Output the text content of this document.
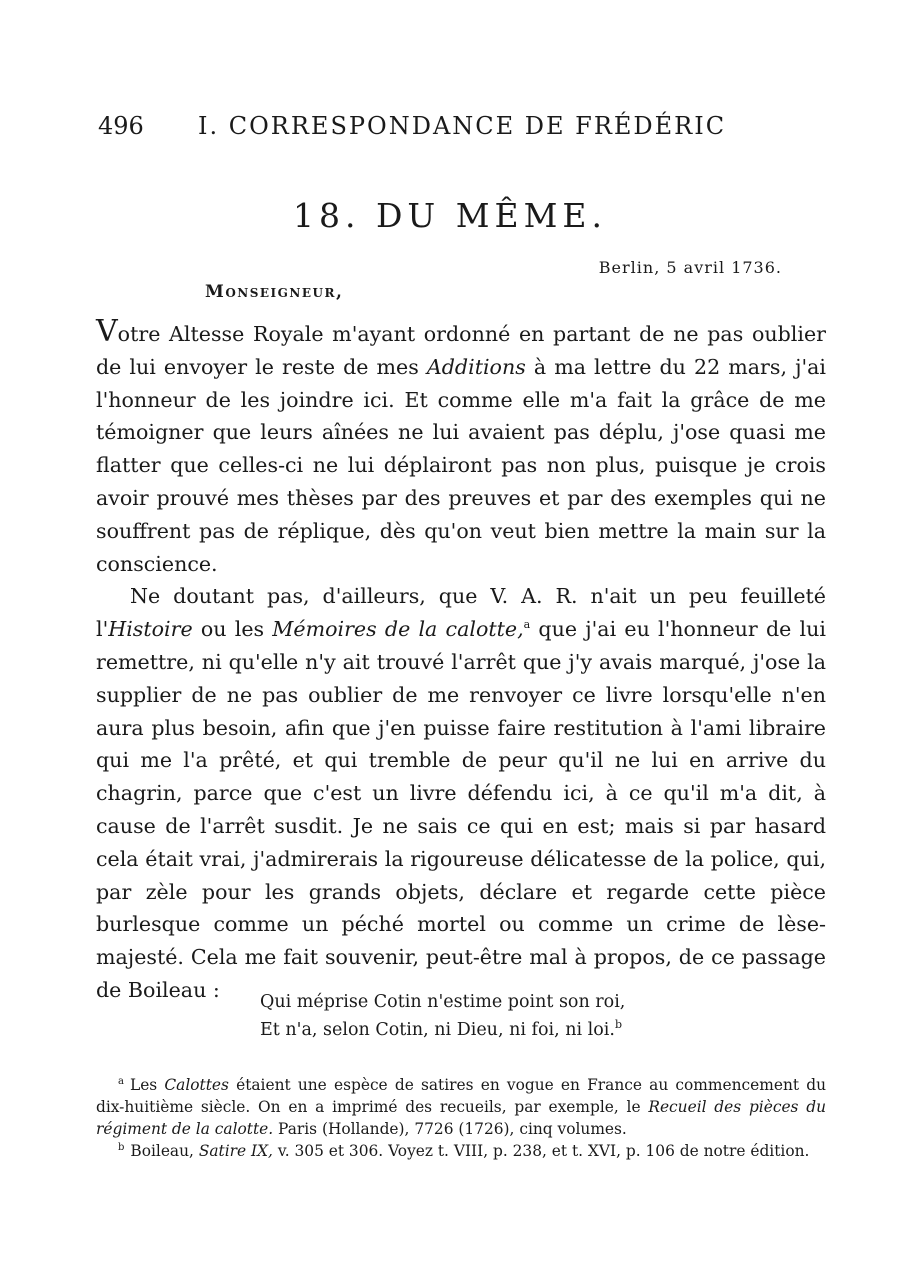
496 I. CORRESPONDANCE DE FRÉDÉRIC
18. DU MÊME.
Berlin, 5 avril 1736.
Monseigneur,

Votre Altesse Royale m'ayant ordonné en partant de ne pas oublier de lui envoyer le reste de mes Additions à ma lettre du 22 mars, j'ai l'honneur de les joindre ici. Et comme elle m'a fait la grâce de me témoigner que leurs aînées ne lui avaient pas déplu, j'ose quasi me flatter que celles-ci ne lui déplairont pas non plus, puisque je crois avoir prouvé mes thèses par des preuves et par des exemples qui ne souffrent pas de réplique, dès qu'on veut bien mettre la main sur la conscience.

Ne doutant pas, d'ailleurs, que V. A. R. n'ait un peu feuilleté l'Histoire ou les Mémoires de la calotte,$^a$ que j'ai eu l'honneur de lui remettre, ni qu'elle n'y ait trouvé l'arrêt que j'y avais marqué, j'ose la supplier de ne pas oublier de me renvoyer ce livre lorsqu'elle n'en aura plus besoin, afin que j'en puisse faire restitution à l'ami libraire qui me l'a prêté, et qui tremble de peur qu'il ne lui en arrive du chagrin, parce que c'est un livre défendu ici, à ce qu'il m'a dit, à cause de l'arrêt susdit. Je ne sais ce qui en est; mais si par hasard cela était vrai, j'admirerais la rigoureuse délicatesse de la police, qui, par zèle pour les grands objets, déclare et regarde cette pièce burlesque comme un péché mortel ou comme un crime de lèse-majesté. Cela me fait souvenir, peut-être mal à propos, de ce passage de Boileau :

Qui méprise Cotin n'estime point son roi,
Et n'a, selon Cotin, ni Dieu, ni foi, ni loi.$^b$

$^a$ Les Calottes étaient une espèce de satires en vogue en France au commencement du dix-huitième siècle. On en a imprimé des recueils, par exemple, le Recueil des pièces du régiment de la calotte. Paris (Hollande), 7726 (1726), cinq volumes.

$^b$ Boileau, Satire IX, v. 305 et 306. Voyez t. VIII, p. 238, et t. XVI, p. 106 de notre édition.
